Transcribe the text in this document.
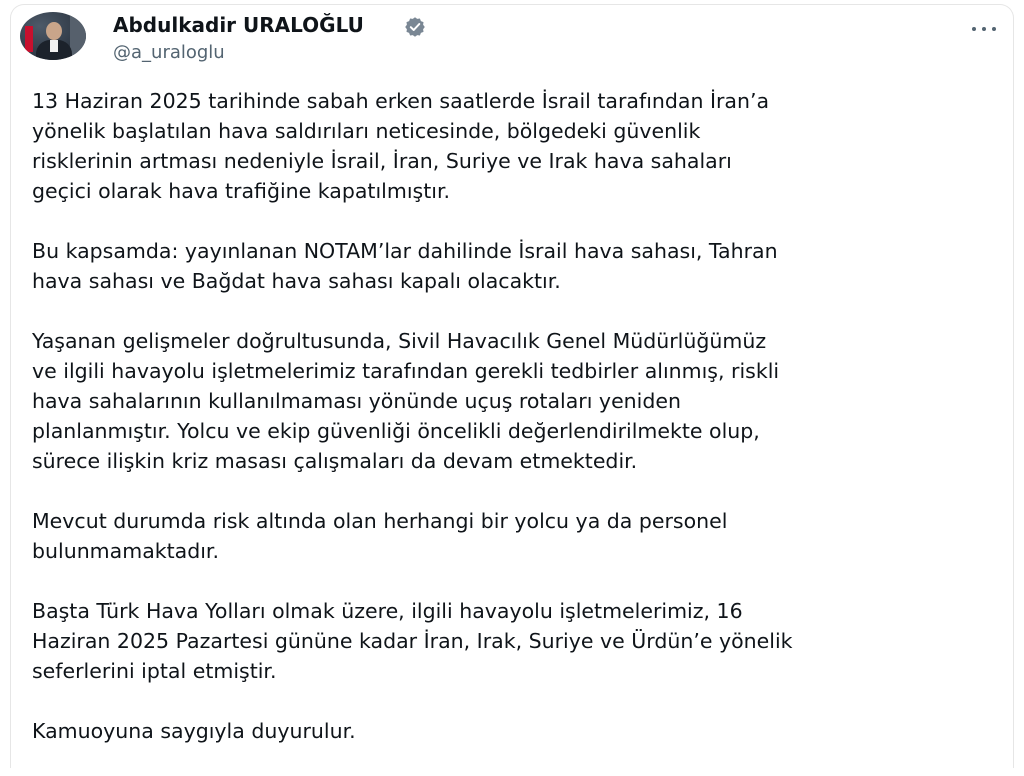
Abdulkadir URALOĞLU
@a_uraloglu

13 Haziran 2025 tarihinde sabah erken saatlerde İsrail tarafından İran’a
yönelik başlatılan hava saldırıları neticesinde, bölgedeki güvenlik
risklerinin artması nedeniyle İsrail, İran, Suriye ve Irak hava sahaları
geçici olarak hava trafiğine kapatılmıştır.

Bu kapsamda: yayınlanan NOTAM’lar dahilinde İsrail hava sahası, Tahran
hava sahası ve Bağdat hava sahası kapalı olacaktır.

Yaşanan gelişmeler doğrultusunda, Sivil Havacılık Genel Müdürlüğümüz
ve ilgili havayolu işletmelerimiz tarafından gerekli tedbirler alınmış, riskli
hava sahalarının kullanılmaması yönünde uçuş rotaları yeniden
planlanmıştır. Yolcu ve ekip güvenliği öncelikli değerlendirilmekte olup,
sürece ilişkin kriz masası çalışmaları da devam etmektedir.

Mevcut durumda risk altında olan herhangi bir yolcu ya da personel
bulunmamaktadır.

Başta Türk Hava Yolları olmak üzere, ilgili havayolu işletmelerimiz, 16
Haziran 2025 Pazartesi gününe kadar İran, Irak, Suriye ve Ürdün’e yönelik
seferlerini iptal etmiştir.

Kamuoyuna saygıyla duyurulur.
